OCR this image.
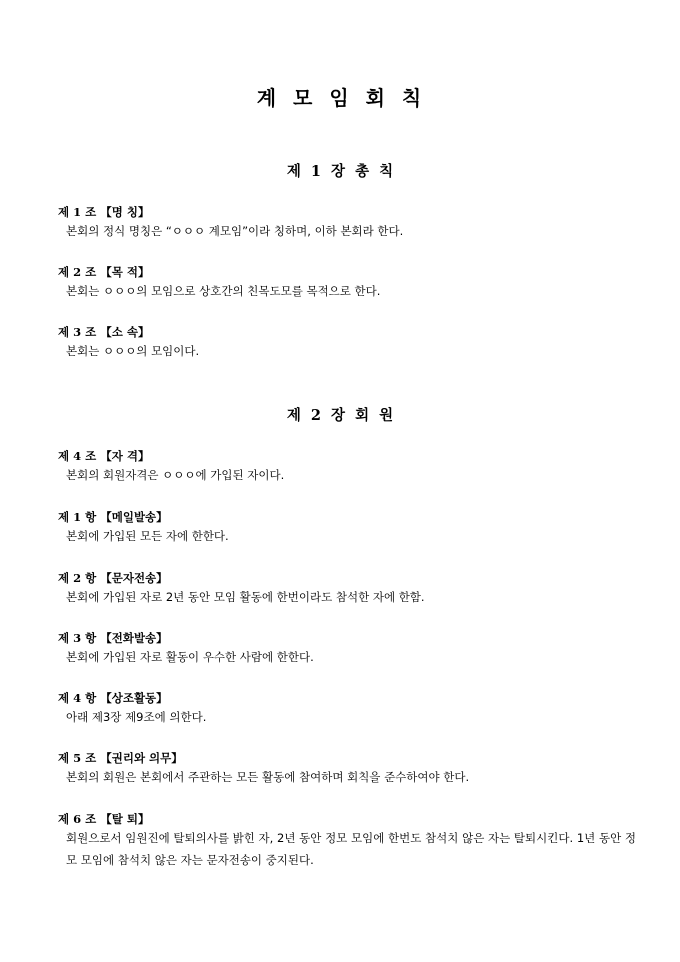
계 모 임 회 칙
제 1 장 총 칙
제 1 조 【명 칭】
본회의 정식 명칭은 “ㅇㅇㅇ 계모임”이라 칭하며, 이하 본회라 한다.
제 2 조 【목 적】
본회는 ㅇㅇㅇ의 모임으로 상호간의 친목도모를 목적으로 한다.
제 3 조 【소 속】
본회는 ㅇㅇㅇ의 모임이다.
제 2 장 회 원
제 4 조 【자 격】
본회의 회원자격은 ㅇㅇㅇ에 가입된 자이다.
제 1 항 【메일발송】
본회에 가입된 모든 자에 한한다.
제 2 항 【문자전송】
본회에 가입된 자로 2년 동안 모임 활동에 한번이라도 참석한 자에 한함.
제 3 항 【전화발송】
본회에 가입된 자로 활동이 우수한 사람에 한한다.
제 4 항 【상조활동】
아래 제3장 제9조에 의한다.
제 5 조 【권리와 의무】
본회의 회원은 본회에서 주관하는 모든 활동에 참여하며 회칙을 준수하여야 한다.
제 6 조 【탈 퇴】
회원으로서 임원진에 탈퇴의사를 밝힌 자, 2년 동안 정모 모임에 한번도 참석치 않은 자는 탈퇴시킨다. 1년 동안 정모 모임에 참석치 않은 자는 문자전송이 중지된다.
